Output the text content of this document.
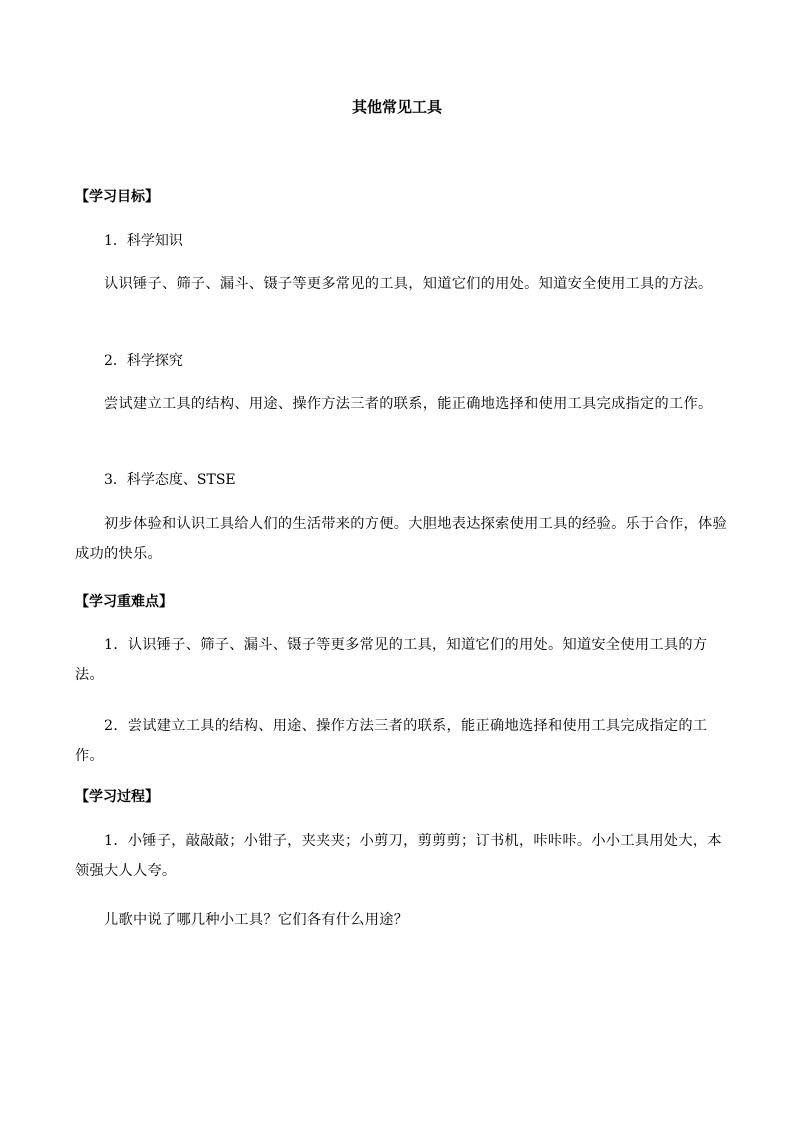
其他常见工具
【学习目标】
1．科学知识
认识锤子、筛子、漏斗、镊子等更多常见的工具，知道它们的用处。知道安全使用工具的方法。
2．科学探究
尝试建立工具的结构、用途、操作方法三者的联系，能正确地选择和使用工具完成指定的工作。
3．科学态度、STSE
初步体验和认识工具给人们的生活带来的方便。大胆地表达探索使用工具的经验。乐于合作，体验成功的快乐。
【学习重难点】
1．认识锤子、筛子、漏斗、镊子等更多常见的工具，知道它们的用处。知道安全使用工具的方法。
2．尝试建立工具的结构、用途、操作方法三者的联系，能正确地选择和使用工具完成指定的工作。
【学习过程】
1．小锤子，敲敲敲；小钳子，夹夹夹；小剪刀，剪剪剪；订书机，咔咔咔。小小工具用处大，本领强大人人夸。
儿歌中说了哪几种小工具？它们各有什么用途？
